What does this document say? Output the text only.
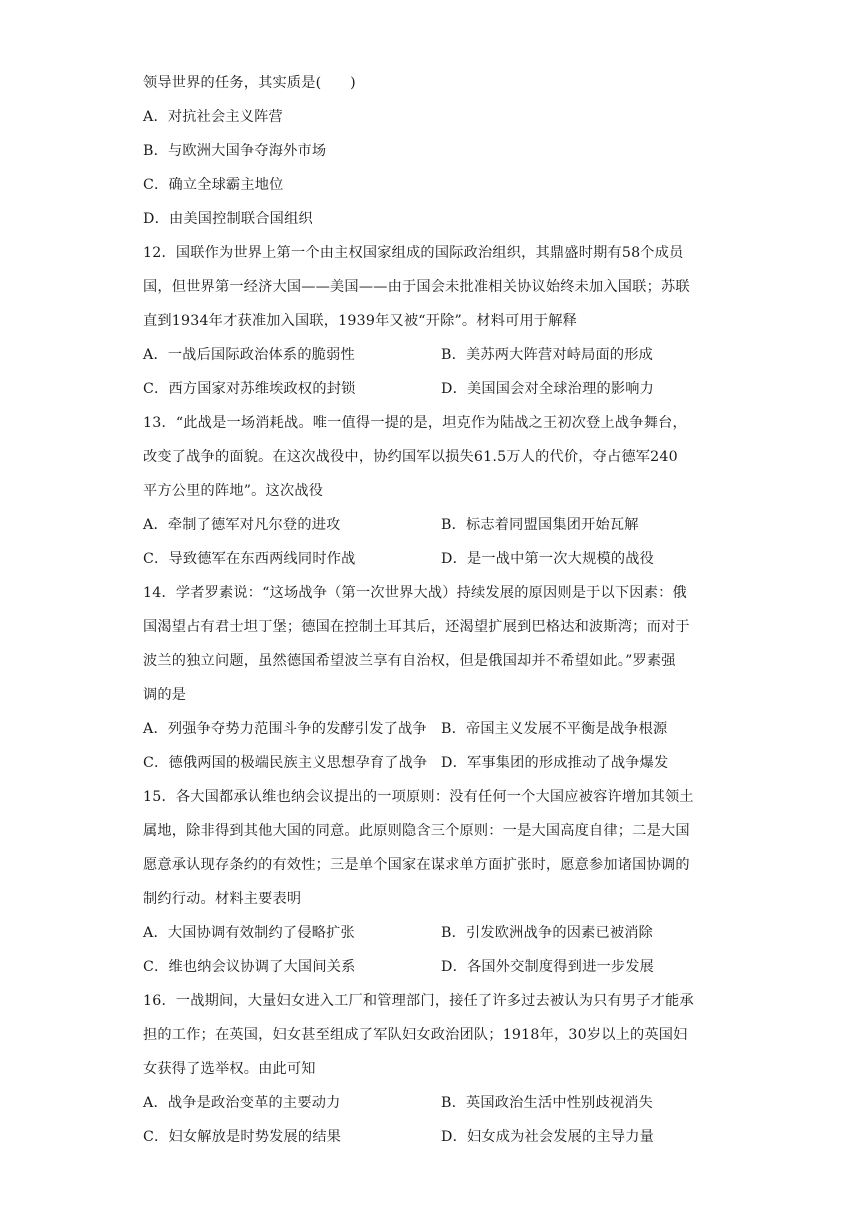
领导世界的任务，其实质是(　　)
A．对抗社会主义阵营
B．与欧洲大国争夺海外市场
C．确立全球霸主地位
D．由美国控制联合国组织
12．国联作为世界上第一个由主权国家组成的国际政治组织，其鼎盛时期有58个成员
国，但世界第一经济大国——美国——由于国会未批准相关协议始终未加入国联；苏联
直到1934年才获准加入国联，1939年又被“开除”。材料可用于解释
A．一战后国际政治体系的脆弱性	B．美苏两大阵营对峙局面的形成
C．西方国家对苏维埃政权的封锁	D．美国国会对全球治理的影响力
13．“此战是一场消耗战。唯一值得一提的是，坦克作为陆战之王初次登上战争舞台，
改变了战争的面貌。在这次战役中，协约国军以损失61.5万人的代价，夺占德军240
平方公里的阵地”。这次战役
A．牵制了德军对凡尔登的进攻	B．标志着同盟国集团开始瓦解
C．导致德军在东西两线同时作战	D．是一战中第一次大规模的战役
14．学者罗素说：“这场战争（第一次世界大战）持续发展的原因则是于以下因素：俄
国渴望占有君士坦丁堡；德国在控制土耳其后，还渴望扩展到巴格达和波斯湾；而对于
波兰的独立问题，虽然德国希望波兰享有自治权，但是俄国却并不希望如此。”罗素强
调的是
A．列强争夺势力范围斗争的发酵引发了战争 B．帝国主义发展不平衡是战争根源
C．德俄两国的极端民族主义思想孕育了战争 D．军事集团的形成推动了战争爆发
15．各大国都承认维也纳会议提出的一项原则：没有任何一个大国应被容许增加其领土
属地，除非得到其他大国的同意。此原则隐含三个原则：一是大国高度自律；二是大国
愿意承认现存条约的有效性；三是单个国家在谋求单方面扩张时，愿意参加诸国协调的
制约行动。材料主要表明
A．大国协调有效制约了侵略扩张	B．引发欧洲战争的因素已被消除
C．维也纳会议协调了大国间关系	D．各国外交制度得到进一步发展
16．一战期间，大量妇女进入工厂和管理部门，接任了许多过去被认为只有男子才能承
担的工作；在英国，妇女甚至组成了军队妇女政治团队；1918年，30岁以上的英国妇
女获得了选举权。由此可知
A．战争是政治变革的主要动力	B．英国政治生活中性别歧视消失
C．妇女解放是时势发展的结果	D．妇女成为社会发展的主导力量
